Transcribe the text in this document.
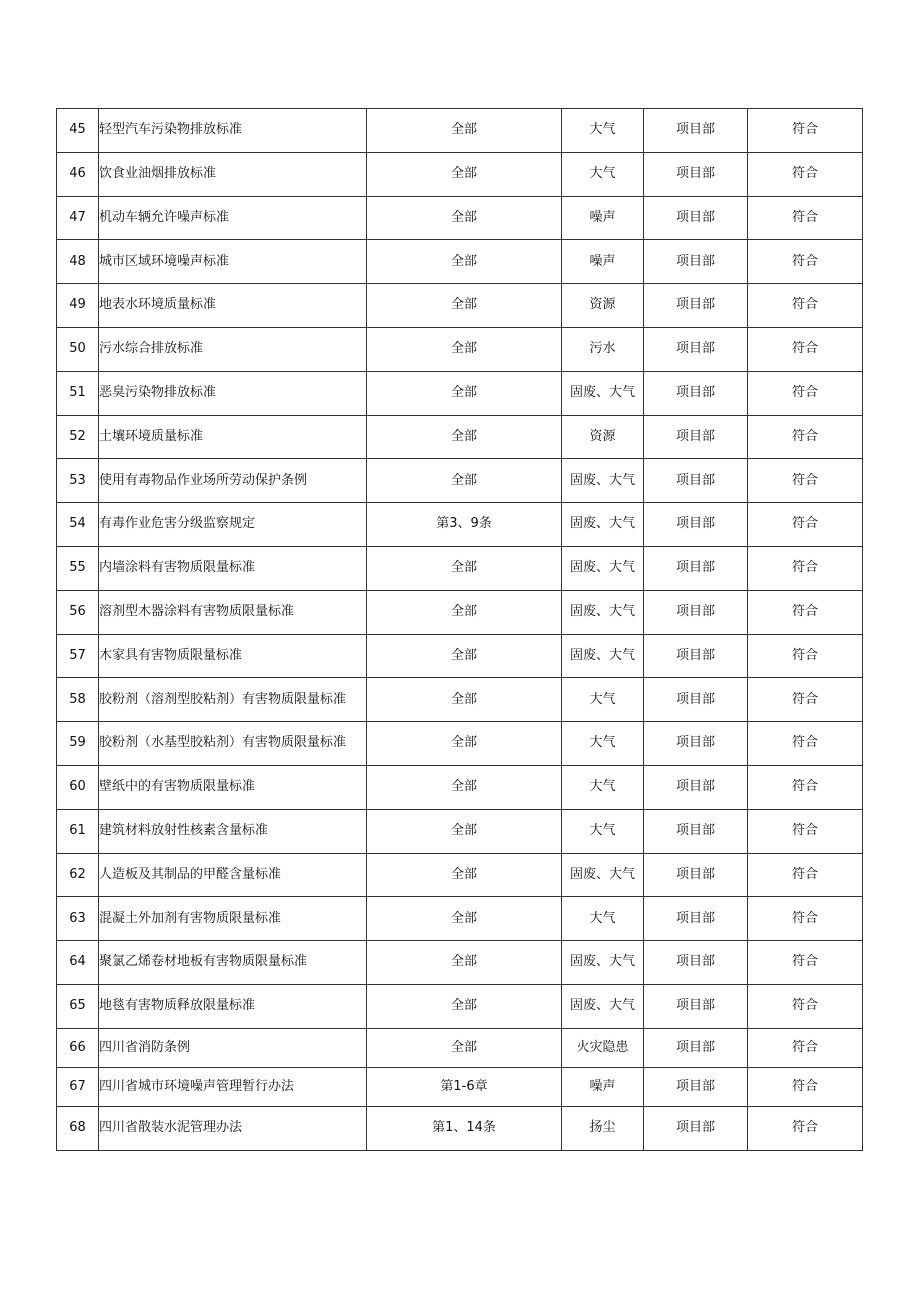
45	轻型汽车污染物排放标准	全部	大气	项目部	符合
46	饮食业油烟排放标准	全部	大气	项目部	符合
47	机动车辆允许噪声标准	全部	噪声	项目部	符合
48	城市区域环境噪声标准	全部	噪声	项目部	符合
49	地表水环境质量标准	全部	资源	项目部	符合
50	污水综合排放标准	全部	污水	项目部	符合
51	恶臭污染物排放标准	全部	固废、大气	项目部	符合
52	土壤环境质量标准	全部	资源	项目部	符合
53	使用有毒物品作业场所劳动保护条例	全部	固废、大气	项目部	符合
54	有毒作业危害分级监察规定	第3、9条	固废、大气	项目部	符合
55	内墙涂料有害物质限量标准	全部	固废、大气	项目部	符合
56	溶剂型木器涂料有害物质限量标准	全部	固废、大气	项目部	符合
57	木家具有害物质限量标准	全部	固废、大气	项目部	符合
58	胶粉剂（溶剂型胶粘剂）有害物质限量标准	全部	大气	项目部	符合
59	胶粉剂（水基型胶粘剂）有害物质限量标准	全部	大气	项目部	符合
60	壁纸中的有害物质限量标准	全部	大气	项目部	符合
61	建筑材料放射性核素含量标准	全部	大气	项目部	符合
62	人造板及其制品的甲醛含量标准	全部	固废、大气	项目部	符合
63	混凝土外加剂有害物质限量标准	全部	大气	项目部	符合
64	聚氯乙烯卷材地板有害物质限量标准	全部	固废、大气	项目部	符合
65	地毯有害物质释放限量标准	全部	固废、大气	项目部	符合
66	四川省消防条例	全部	火灾隐患	项目部	符合
67	四川省城市环境噪声管理暂行办法	第1-6章	噪声	项目部	符合
68	四川省散装水泥管理办法	第1、14条	扬尘	项目部	符合
